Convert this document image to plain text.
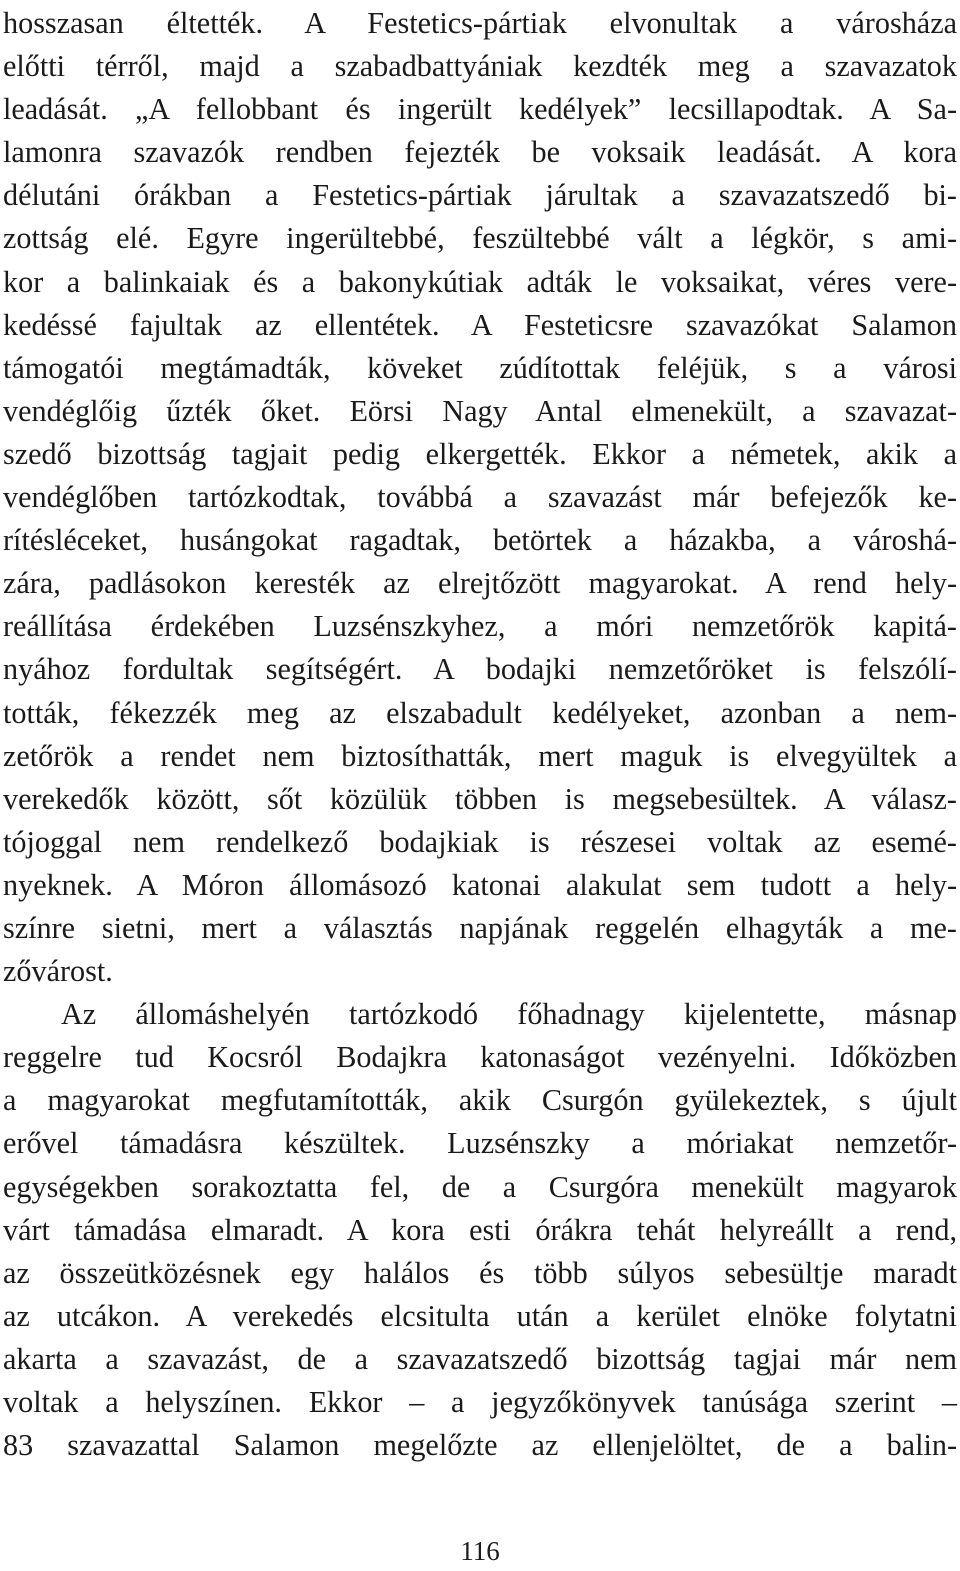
hosszasan éltették. A Festetics-pártiak elvonultak a városháza
előtti térről, majd a szabadbattyániak kezdték meg a szavazatok
leadását. „A fellobbant és ingerült kedélyek” lecsillapodtak. A Sa-
lamonra szavazók rendben fejezték be voksaik leadását. A kora
délutáni órákban a Festetics-pártiak járultak a szavazatszedő bi-
zottság elé. Egyre ingerültebbé, feszültebbé vált a légkör, s ami-
kor a balinkaiak és a bakonykútiak adták le voksaikat, véres vere-
kedéssé fajultak az ellentétek. A Festeticsre szavazókat Salamon
támogatói megtámadták, köveket zúdítottak feléjük, s a városi
vendéglőig űzték őket. Eörsi Nagy Antal elmenekült, a szavazat-
szedő bizottság tagjait pedig elkergették. Ekkor a németek, akik a
vendéglőben tartózkodtak, továbbá a szavazást már befejezők ke-
rítésléceket, husángokat ragadtak, betörtek a házakba, a városhá-
zára, padlásokon keresték az elrejtőzött magyarokat. A rend hely-
reállítása érdekében Luzsénszkyhez, a móri nemzetőrök kapitá-
nyához fordultak segítségért. A bodajki nemzetőröket is felszólí-
tották, fékezzék meg az elszabadult kedélyeket, azonban a nem-
zetőrök a rendet nem biztosíthatták, mert maguk is elvegyültek a
verekedők között, sőt közülük többen is megsebesültek. A válasz-
tójoggal nem rendelkező bodajkiak is részesei voltak az esemé-
nyeknek. A Móron állomásozó katonai alakulat sem tudott a hely-
színre sietni, mert a választás napjának reggelén elhagyták a me-
zővárost.
Az állomáshelyén tartózkodó főhadnagy kijelentette, másnap
reggelre tud Kocsról Bodajkra katonaságot vezényelni. Időközben
a magyarokat megfutamították, akik Csurgón gyülekeztek, s újult
erővel támadásra készültek. Luzsénszky a móriakat nemzetőr-
egységekben sorakoztatta fel, de a Csurgóra menekült magyarok
várt támadása elmaradt. A kora esti órákra tehát helyreállt a rend,
az összeütközésnek egy halálos és több súlyos sebesültje maradt
az utcákon. A verekedés elcsitulta után a kerület elnöke folytatni
akarta a szavazást, de a szavazatszedő bizottság tagjai már nem
voltak a helyszínen. Ekkor – a jegyzőkönyvek tanúsága szerint –
83 szavazattal Salamon megelőzte az ellenjelöltet, de a balin-
116
